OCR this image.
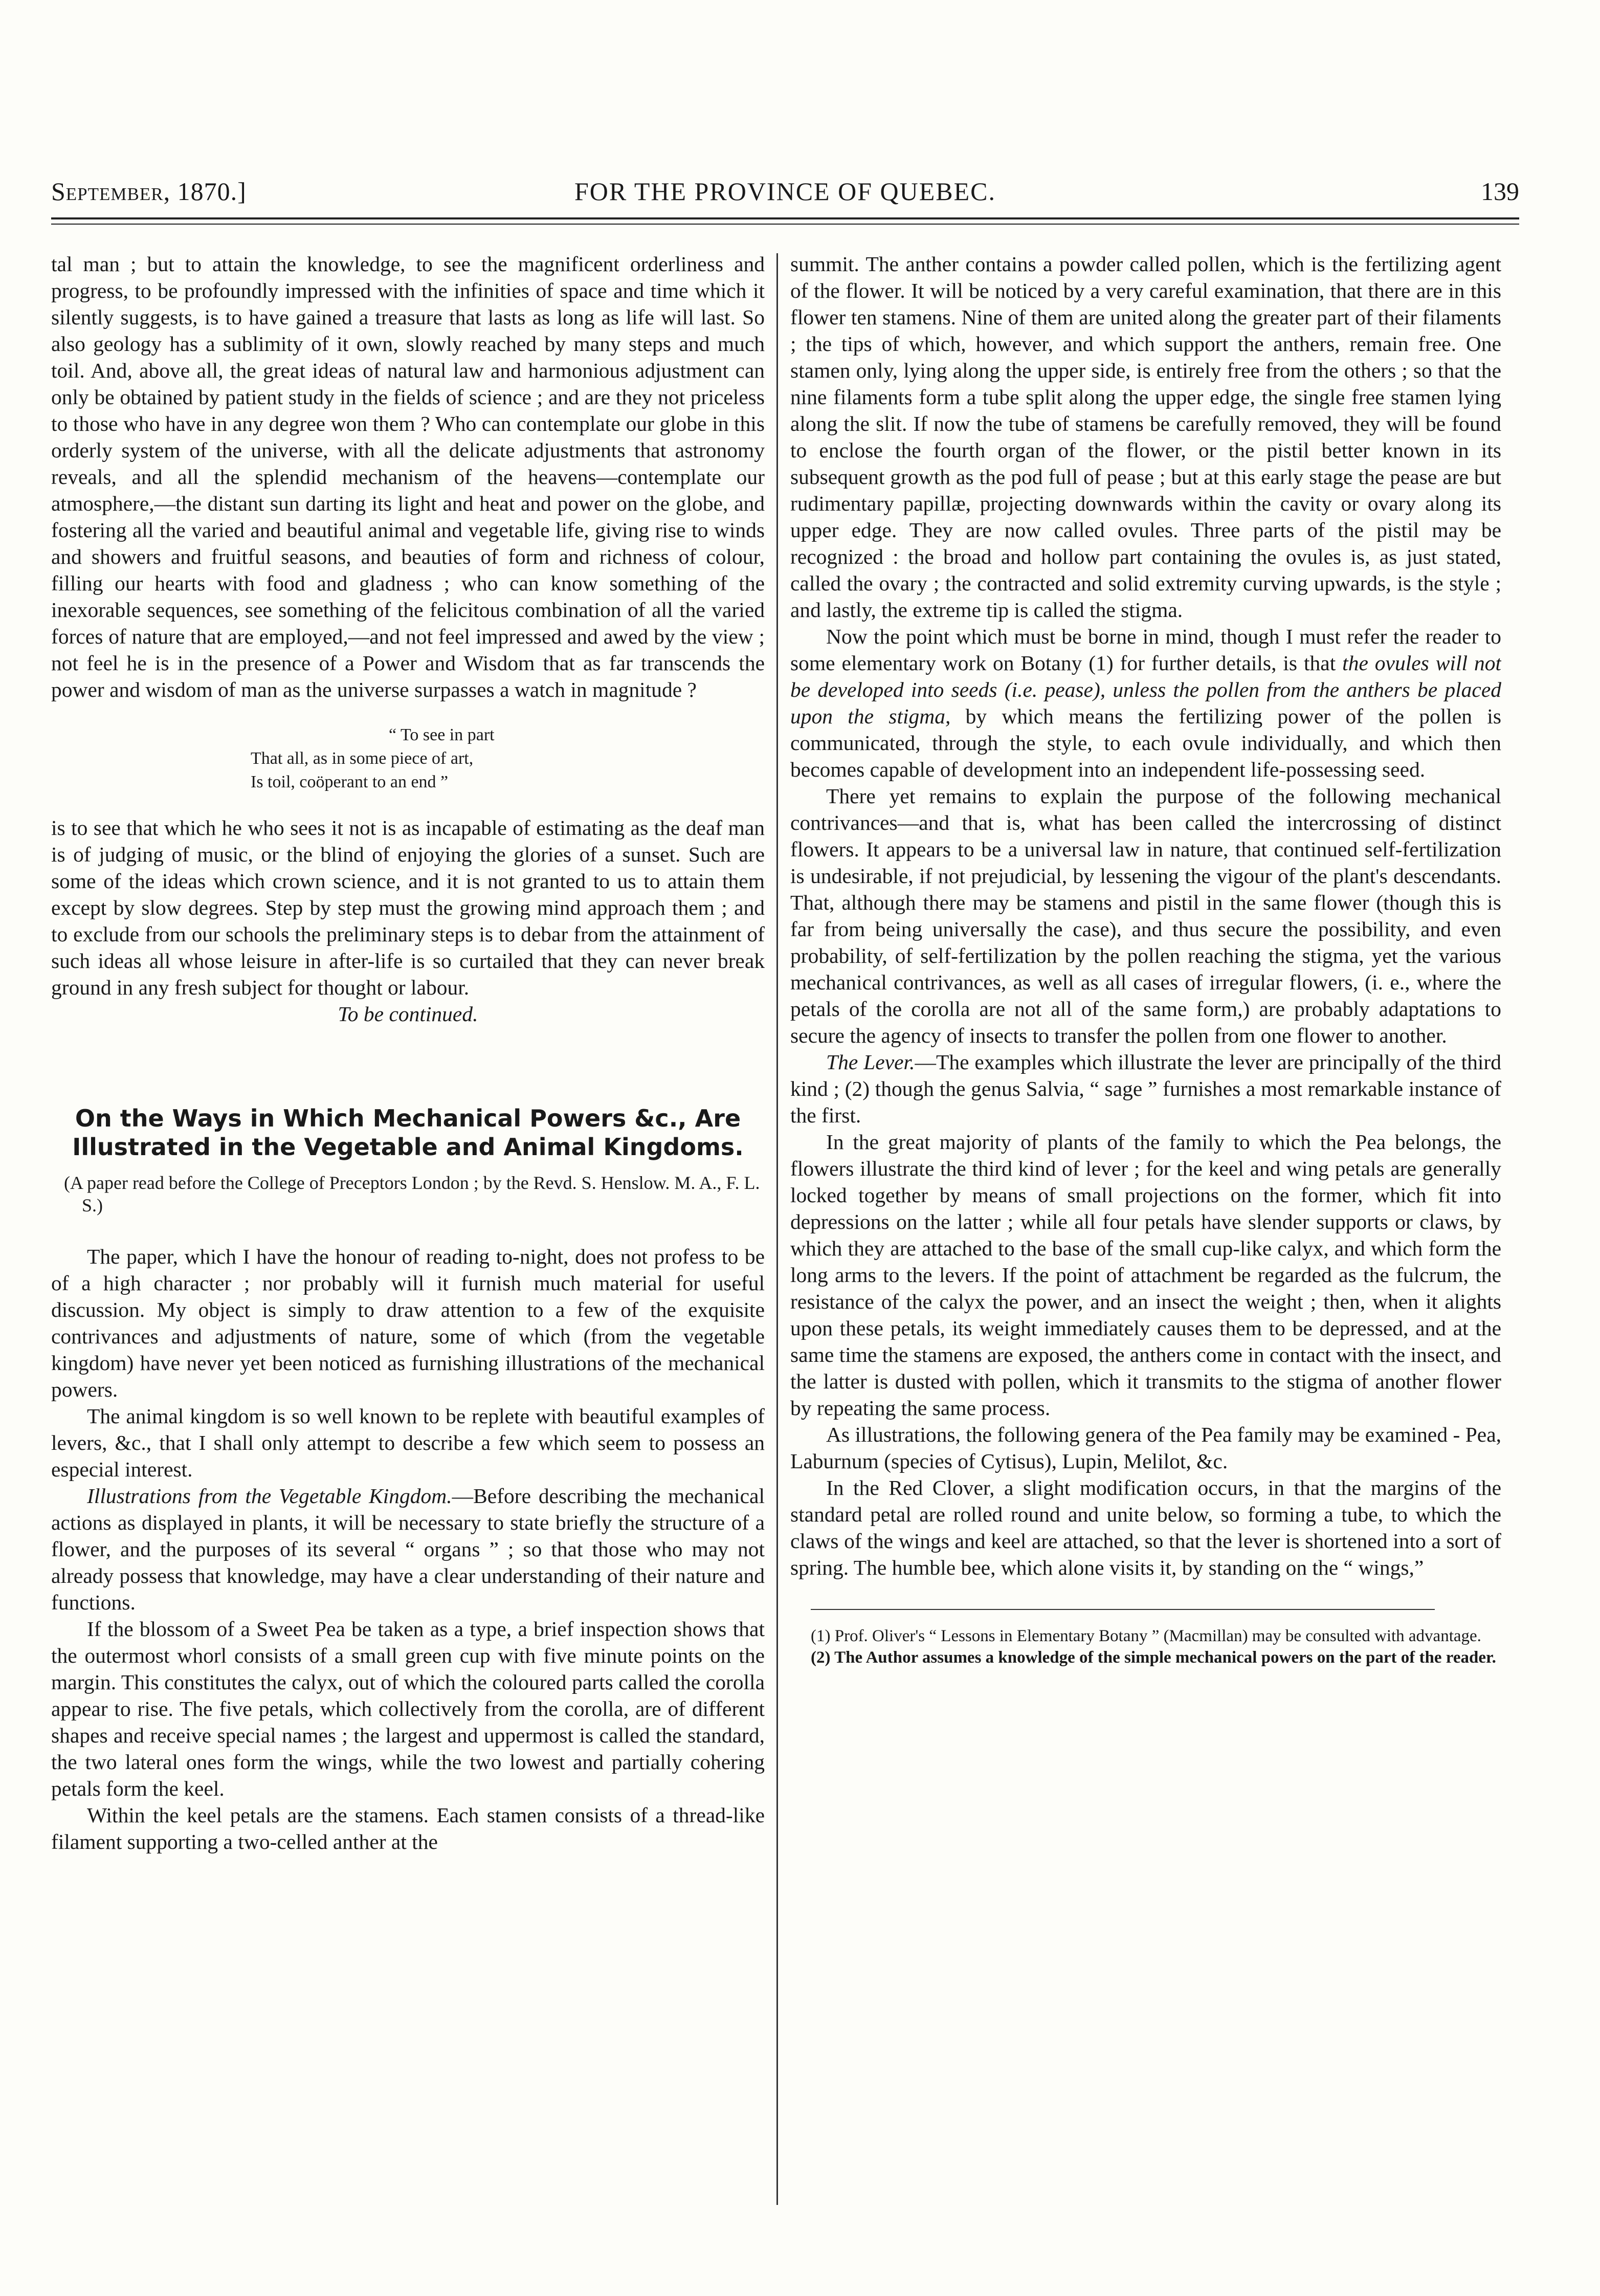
September, 1870.]	FOR THE PROVINCE OF QUEBEC.	139

tal man ; but to attain the knowledge, to see the magnificent orderliness and progress, to be profoundly impressed with the infinities of space and time which it silently suggests, is to have gained a treasure that lasts as long as life will last. So also geology has a sublimity of it own, slowly reached by many steps and much toil. And, above all, the great ideas of natural law and harmonious adjustment can only be obtained by patient study in the fields of science ; and are they not priceless to those who have in any degree won them ? Who can contemplate our globe in this orderly system of the universe, with all the delicate adjustments that astronomy reveals, and all the splendid mechanism of the heavens—contemplate our atmosphere,—the distant sun darting its light and heat and power on the globe, and fostering all the varied and beautiful animal and vegetable life, giving rise to winds and showers and fruitful seasons, and beauties of form and richness of colour, filling our hearts with food and gladness ; who can know something of the inexorable sequences, see something of the felicitous combination of all the varied forces of nature that are employed,—and not feel impressed and awed by the view ; not feel he is in the presence of a Power and Wisdom that as far transcends the power and wisdom of man as the universe surpasses a watch in magnitude ?

“ To see in part
That all, as in some piece of art,
Is toil, coöperant to an end ”

is to see that which he who sees it not is as incapable of estimating as the deaf man is of judging of music, or the blind of enjoying the glories of a sunset. Such are some of the ideas which crown science, and it is not granted to us to attain them except by slow degrees. Step by step must the growing mind approach them ; and to exclude from our schools the preliminary steps is to debar from the attainment of such ideas all whose leisure in after-life is so curtailed that they can never break ground in any fresh subject for thought or labour.

To be continued.

On the Ways in Which Mechanical Powers &c., Are Illustrated in the Vegetable and Animal Kingdoms.
(A paper read before the College of Preceptors London ; by the Revd. S. Henslow. M. A., F. L. S.)

The paper, which I have the honour of reading to-night, does not profess to be of a high character ; nor probably will it furnish much material for useful discussion. My object is simply to draw attention to a few of the exquisite contrivances and adjustments of nature, some of which (from the vegetable kingdom) have never yet been noticed as furnishing illustrations of the mechanical powers.

The animal kingdom is so well known to be replete with beautiful examples of levers, &c., that I shall only attempt to describe a few which seem to possess an especial interest.

Illustrations from the Vegetable Kingdom.—Before describing the mechanical actions as displayed in plants, it will be necessary to state briefly the structure of a flower, and the purposes of its several “ organs ” ; so that those who may not already possess that knowledge, may have a clear understanding of their nature and functions.

If the blossom of a Sweet Pea be taken as a type, a brief inspection shows that the outermost whorl consists of a small green cup with five minute points on the margin. This constitutes the calyx, out of which the coloured parts called the corolla appear to rise. The five petals, which collectively from the corolla, are of different shapes and receive special names ; the largest and uppermost is called the standard, the two lateral ones form the wings, while the two lowest and partially cohering petals form the keel.

Within the keel petals are the stamens. Each stamen consists of a thread-like filament supporting a two-celled anther at the

summit. The anther contains a powder called pollen, which is the fertilizing agent of the flower. It will be noticed by a very careful examination, that there are in this flower ten stamens. Nine of them are united along the greater part of their filaments ; the tips of which, however, and which support the anthers, remain free. One stamen only, lying along the upper side, is entirely free from the others ; so that the nine filaments form a tube split along the upper edge, the single free stamen lying along the slit. If now the tube of stamens be carefully removed, they will be found to enclose the fourth organ of the flower, or the pistil better known in its subsequent growth as the pod full of pease ; but at this early stage the pease are but rudimentary papillæ, projecting downwards within the cavity or ovary along its upper edge. They are now called ovules. Three parts of the pistil may be recognized : the broad and hollow part containing the ovules is, as just stated, called the ovary ; the contracted and solid extremity curving upwards, is the style ; and lastly, the extreme tip is called the stigma.

Now the point which must be borne in mind, though I must refer the reader to some elementary work on Botany (1) for further details, is that the ovules will not be developed into seeds (i.e. pease), unless the pollen from the anthers be placed upon the stigma, by which means the fertilizing power of the pollen is communicated, through the style, to each ovule individually, and which then becomes capable of development into an independent life-possessing seed.

There yet remains to explain the purpose of the following mechanical contrivances—and that is, what has been called the intercrossing of distinct flowers. It appears to be a universal law in nature, that continued self-fertilization is undesirable, if not prejudicial, by lessening the vigour of the plant's descendants. That, although there may be stamens and pistil in the same flower (though this is far from being universally the case), and thus secure the possibility, and even probability, of self-fertilization by the pollen reaching the stigma, yet the various mechanical contrivances, as well as all cases of irregular flowers, (i. e., where the petals of the corolla are not all of the same form,) are probably adaptations to secure the agency of insects to transfer the pollen from one flower to another.

The Lever.—The examples which illustrate the lever are principally of the third kind ; (2) though the genus Salvia, “ sage ” furnishes a most remarkable instance of the first.

In the great majority of plants of the family to which the Pea belongs, the flowers illustrate the third kind of lever ; for the keel and wing petals are generally locked together by means of small projections on the former, which fit into depressions on the latter ; while all four petals have slender supports or claws, by which they are attached to the base of the small cup-like calyx, and which form the long arms to the levers. If the point of attachment be regarded as the fulcrum, the resistance of the calyx the power, and an insect the weight ; then, when it alights upon these petals, its weight immediately causes them to be depressed, and at the same time the stamens are exposed, the anthers come in contact with the insect, and the latter is dusted with pollen, which it transmits to the stigma of another flower by repeating the same process.

As illustrations, the following genera of the Pea family may be examined - Pea, Laburnum (species of Cytisus), Lupin, Melilot, &c.

In the Red Clover, a slight modification occurs, in that the margins of the standard petal are rolled round and unite below, so forming a tube, to which the claws of the wings and keel are attached, so that the lever is shortened into a sort of spring. The humble bee, which alone visits it, by standing on the “ wings,”

(1) Prof. Oliver's “ Lessons in Elementary Botany ” (Macmillan) may be consulted with advantage.

(2) The Author assumes a knowledge of the simple mechanical powers on the part of the reader.
